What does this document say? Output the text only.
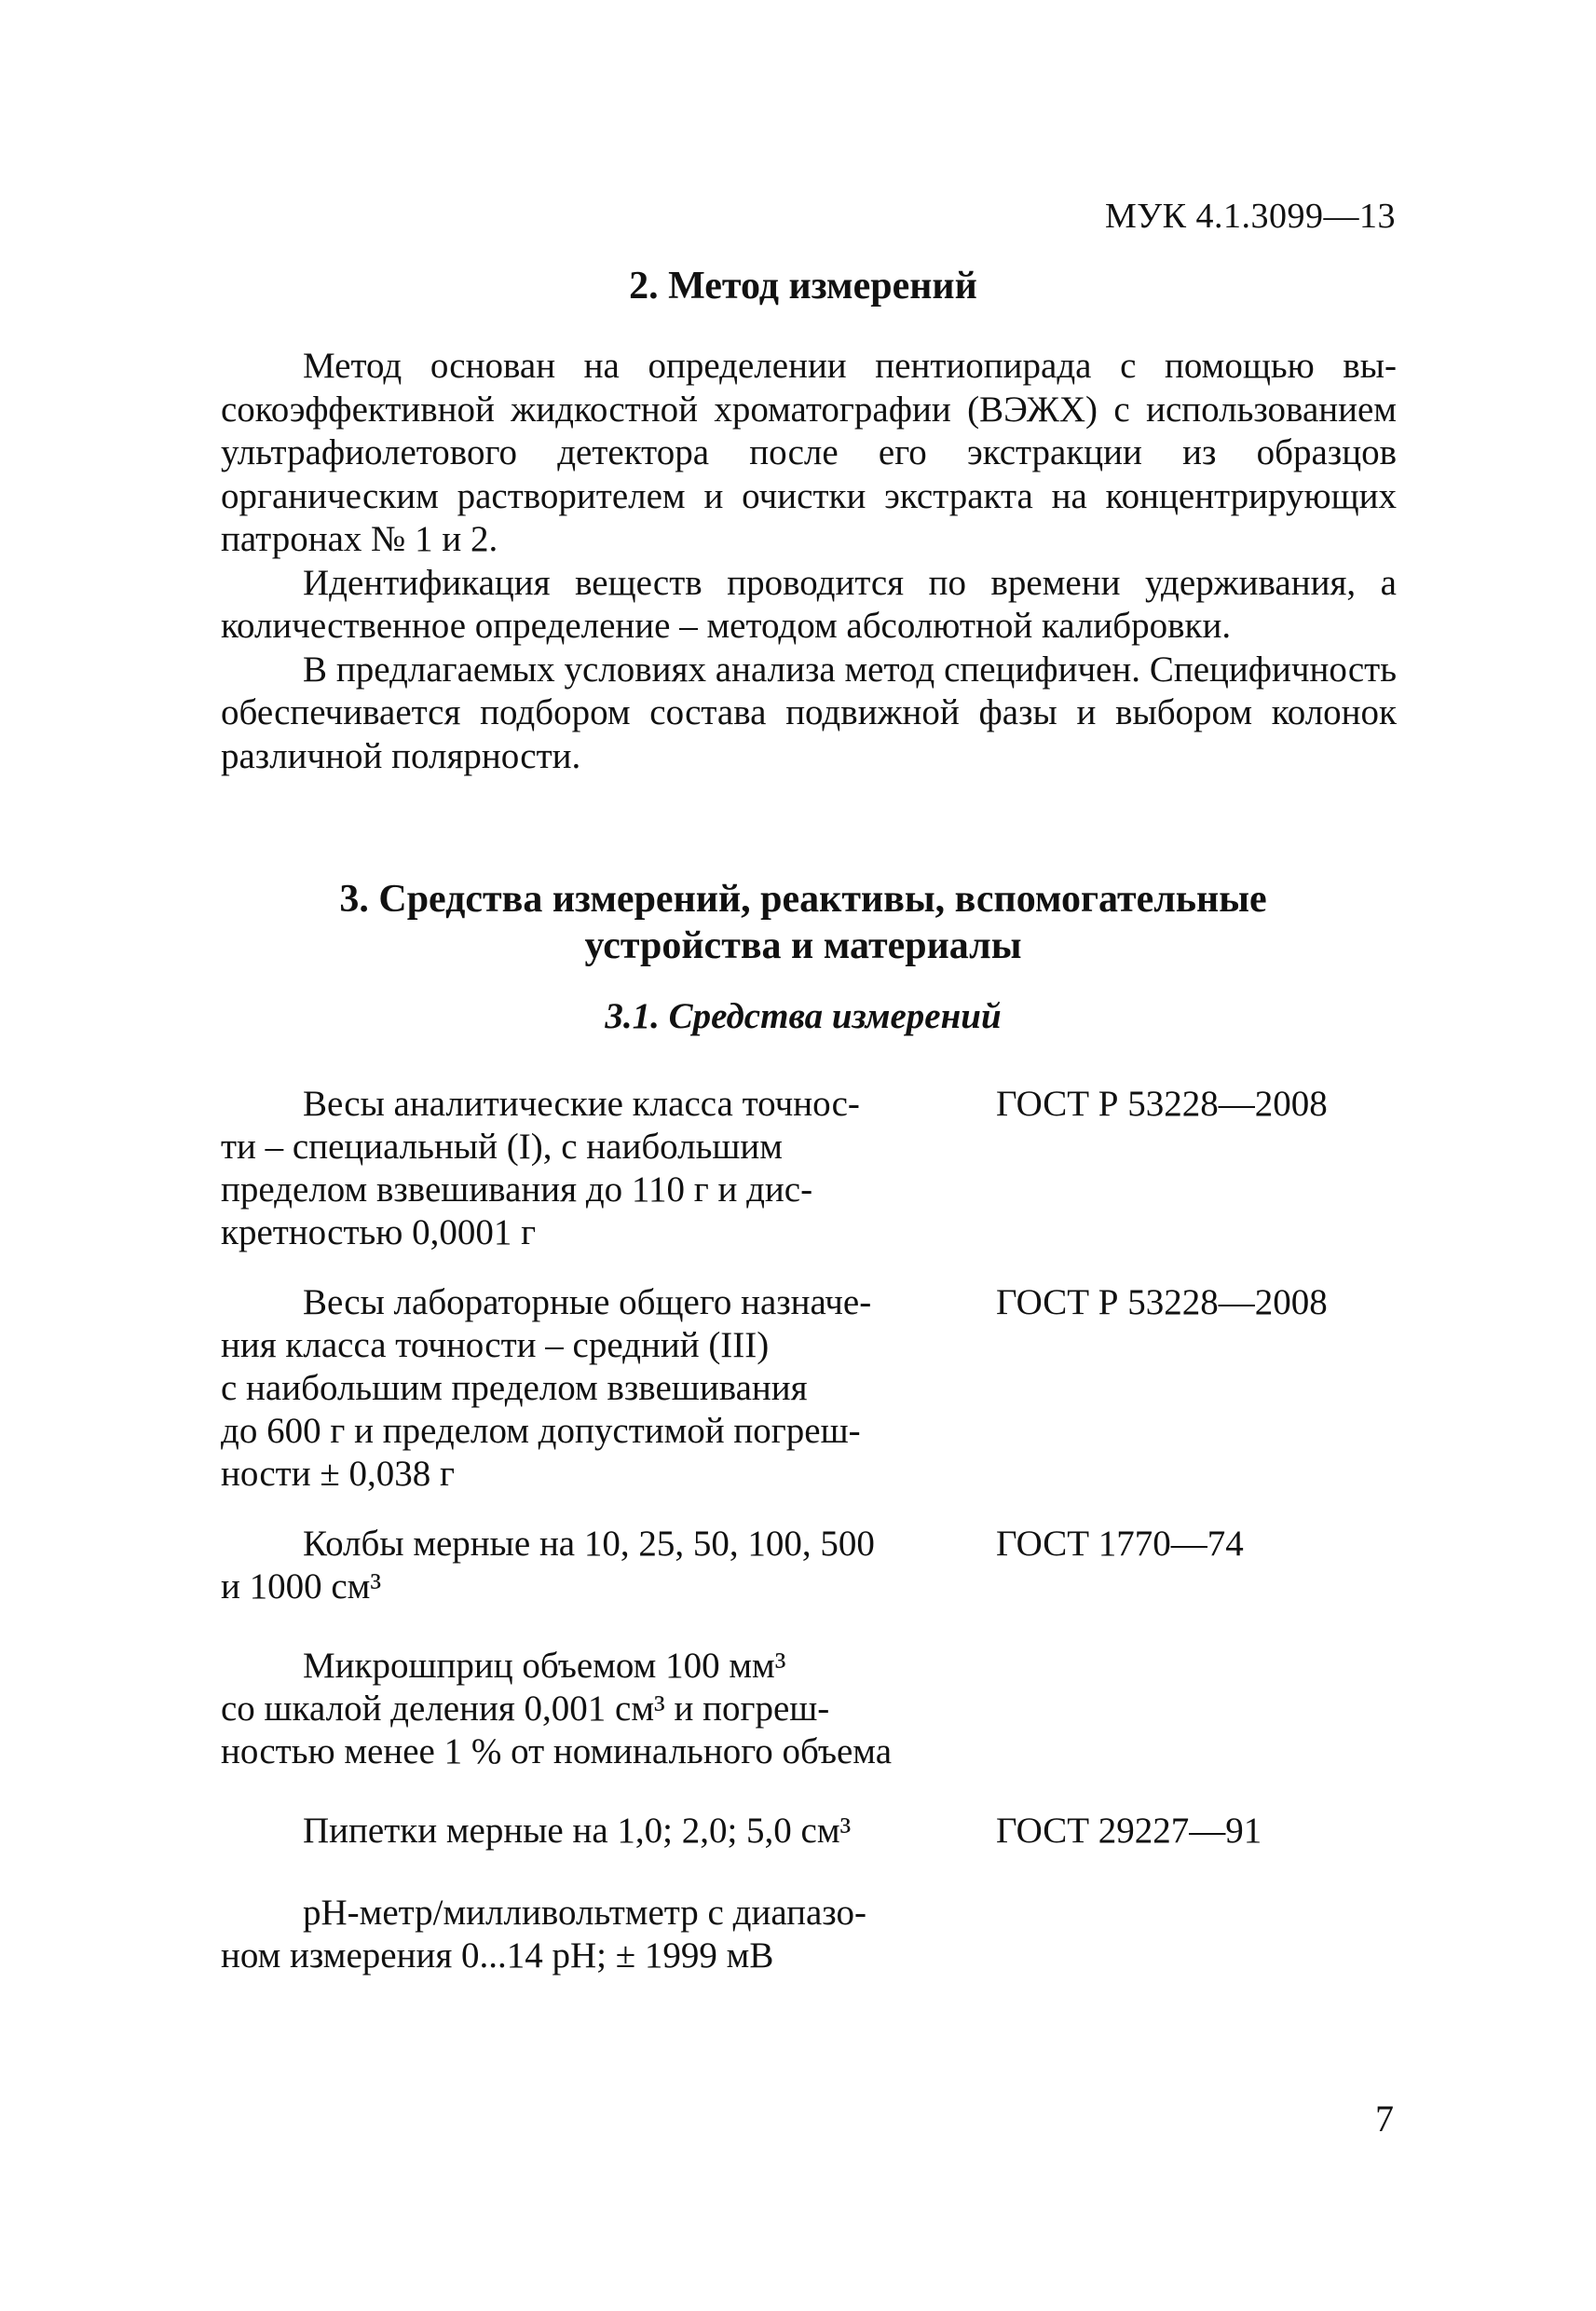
МУК 4.1.3099—13
2. Метод измерений

Метод основан на определении пентиопирада с помощью высокоэффективной жидкостной хроматографии (ВЭЖХ) с использованием ультрафиолетового детектора после его экстракции из образцов органическим растворителем и очистки экстракта на концентрирующих патронах № 1 и 2.

Идентификация веществ проводится по времени удерживания, а количественное определение – методом абсолютной калибровки.

В предлагаемых условиях анализа метод специфичен. Специфичность обеспечивается подбором состава подвижной фазы и выбором колонок различной полярности.

3. Средства измерений, реактивы, вспомогательные
устройства и материалы
3.1. Средства измерений
Весы аналитические класса точнос-
ти – специальный (I), с наибольшим
пределом взвешивания до 110 г и дис-
кретностью 0,0001 г
ГОСТ Р 53228—2008
Весы лабораторные общего назначе-
ния класса точности – средний (III)
с наибольшим пределом взвешивания
до 600 г и пределом допустимой погреш-
ности ± 0,038 г
ГОСТ Р 53228—2008
Колбы мерные на 10, 25, 50, 100, 500
и 1000 см³
ГОСТ 1770—74
Микрошприц объемом 100 мм³
со шкалой деления 0,001 см³ и погреш-
ностью менее 1 % от номинального объема
Пипетки мерные на 1,0; 2,0; 5,0 см³	ГОСТ 29227—91
рН-метр/милливольтметр с диапазо-
ном измерения 0...14 рН; ± 1999 мВ
7
